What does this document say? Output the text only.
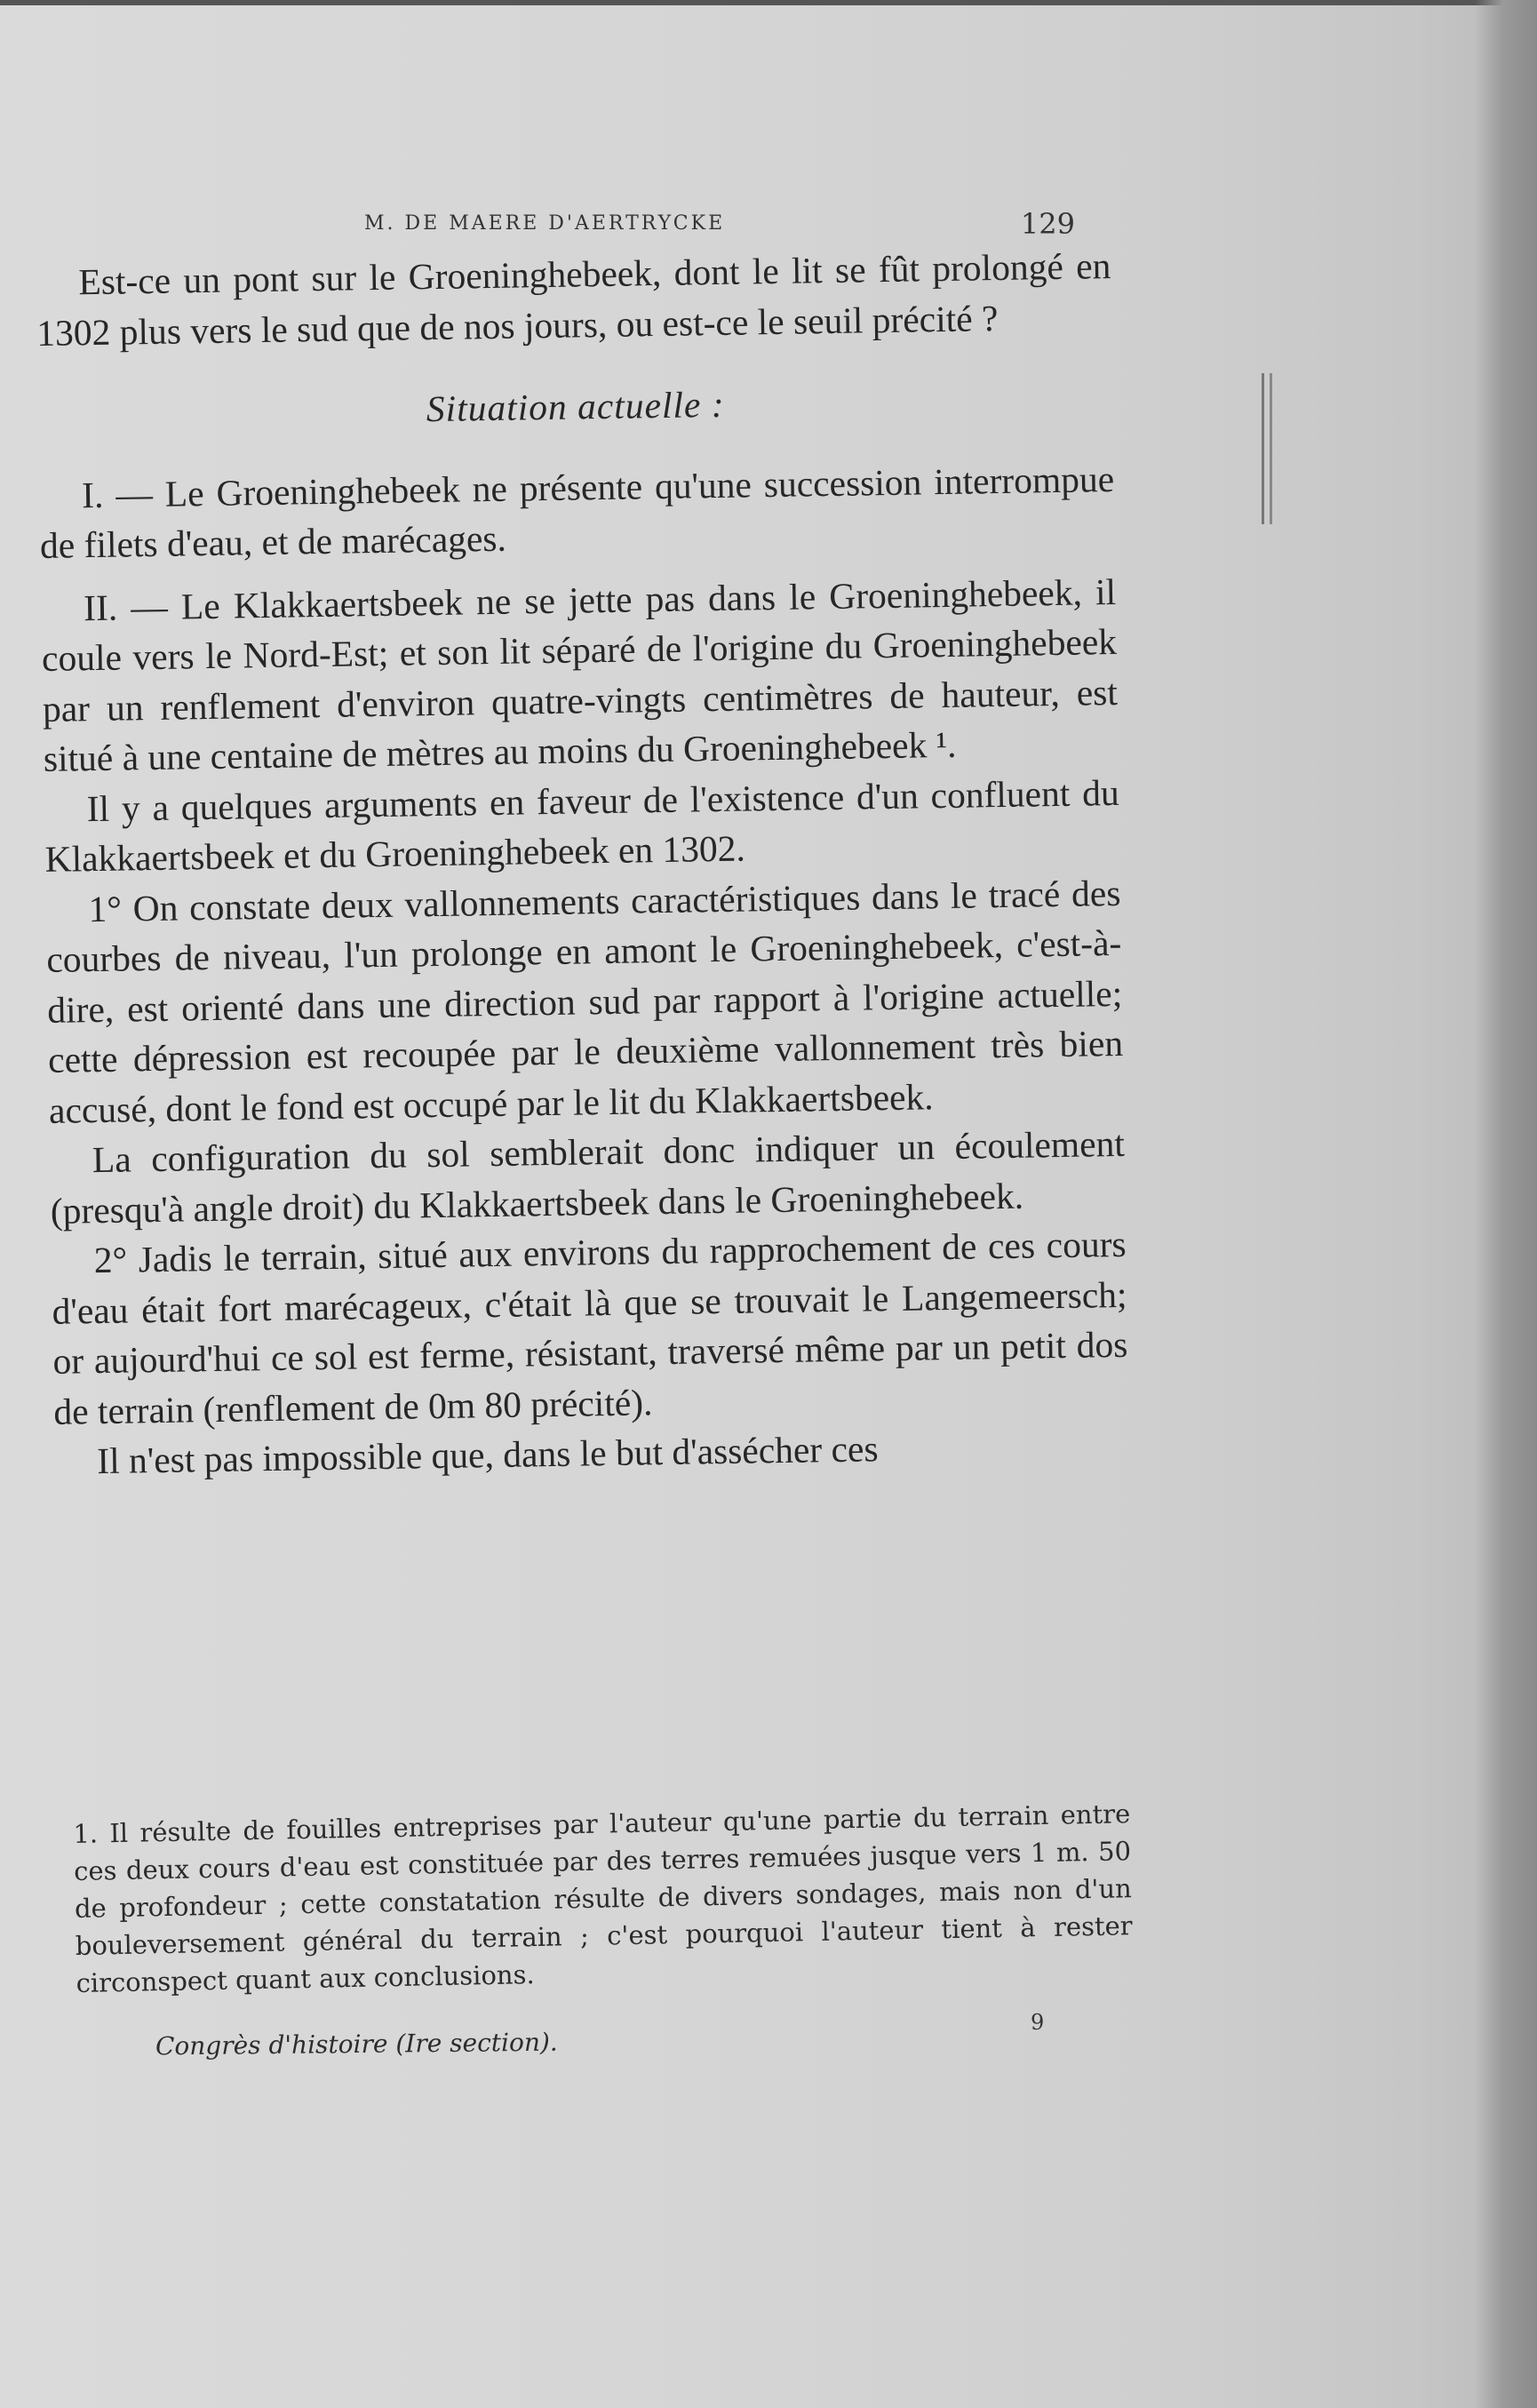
M. DE MAERE D'AERTRYCKE	129

Est-ce un pont sur le Groeninghebeek, dont le lit se fût prolongé en 1302 plus vers le sud que de nos jours, ou est-ce le seuil précité ?

Situation actuelle :

I. — Le Groeninghebeek ne présente qu'une succession interrompue de filets d'eau, et de marécages.

II. — Le Klakkaertsbeek ne se jette pas dans le Groeninghebeek, il coule vers le Nord-Est; et son lit séparé de l'origine du Groeninghebeek par un renflement d'environ quatre-vingts centimètres de hauteur, est situé à une centaine de mètres au moins du Groeninghebeek ¹.

Il y a quelques arguments en faveur de l'existence d'un confluent du Klakkaertsbeek et du Groeninghebeek en 1302.

1° On constate deux vallonnements caractéristiques dans le tracé des courbes de niveau, l'un prolonge en amont le Groeninghebeek, c'est-à-dire, est orienté dans une direction sud par rapport à l'origine actuelle; cette dépression est recoupée par le deuxième vallonnement très bien accusé, dont le fond est occupé par le lit du Klakkaertsbeek.

La configuration du sol semblerait donc indiquer un écoulement (presqu'à angle droit) du Klakkaertsbeek dans le Groeninghebeek.

2° Jadis le terrain, situé aux environs du rapprochement de ces cours d'eau était fort marécageux, c'était là que se trouvait le Langemeersch; or aujourd'hui ce sol est ferme, résistant, traversé même par un petit dos de terrain (renflement de 0m 80 précité).

Il n'est pas impossible que, dans le but d'assécher ces

1. Il résulte de fouilles entreprises par l'auteur qu'une partie du terrain entre ces deux cours d'eau est constituée par des terres remuées jusque vers 1 m. 50 de profondeur ; cette constatation résulte de divers sondages, mais non d'un bouleversement général du terrain ; c'est pourquoi l'auteur tient à rester circonspect quant aux conclusions.

9
Congrès d'histoire (Ire section).
